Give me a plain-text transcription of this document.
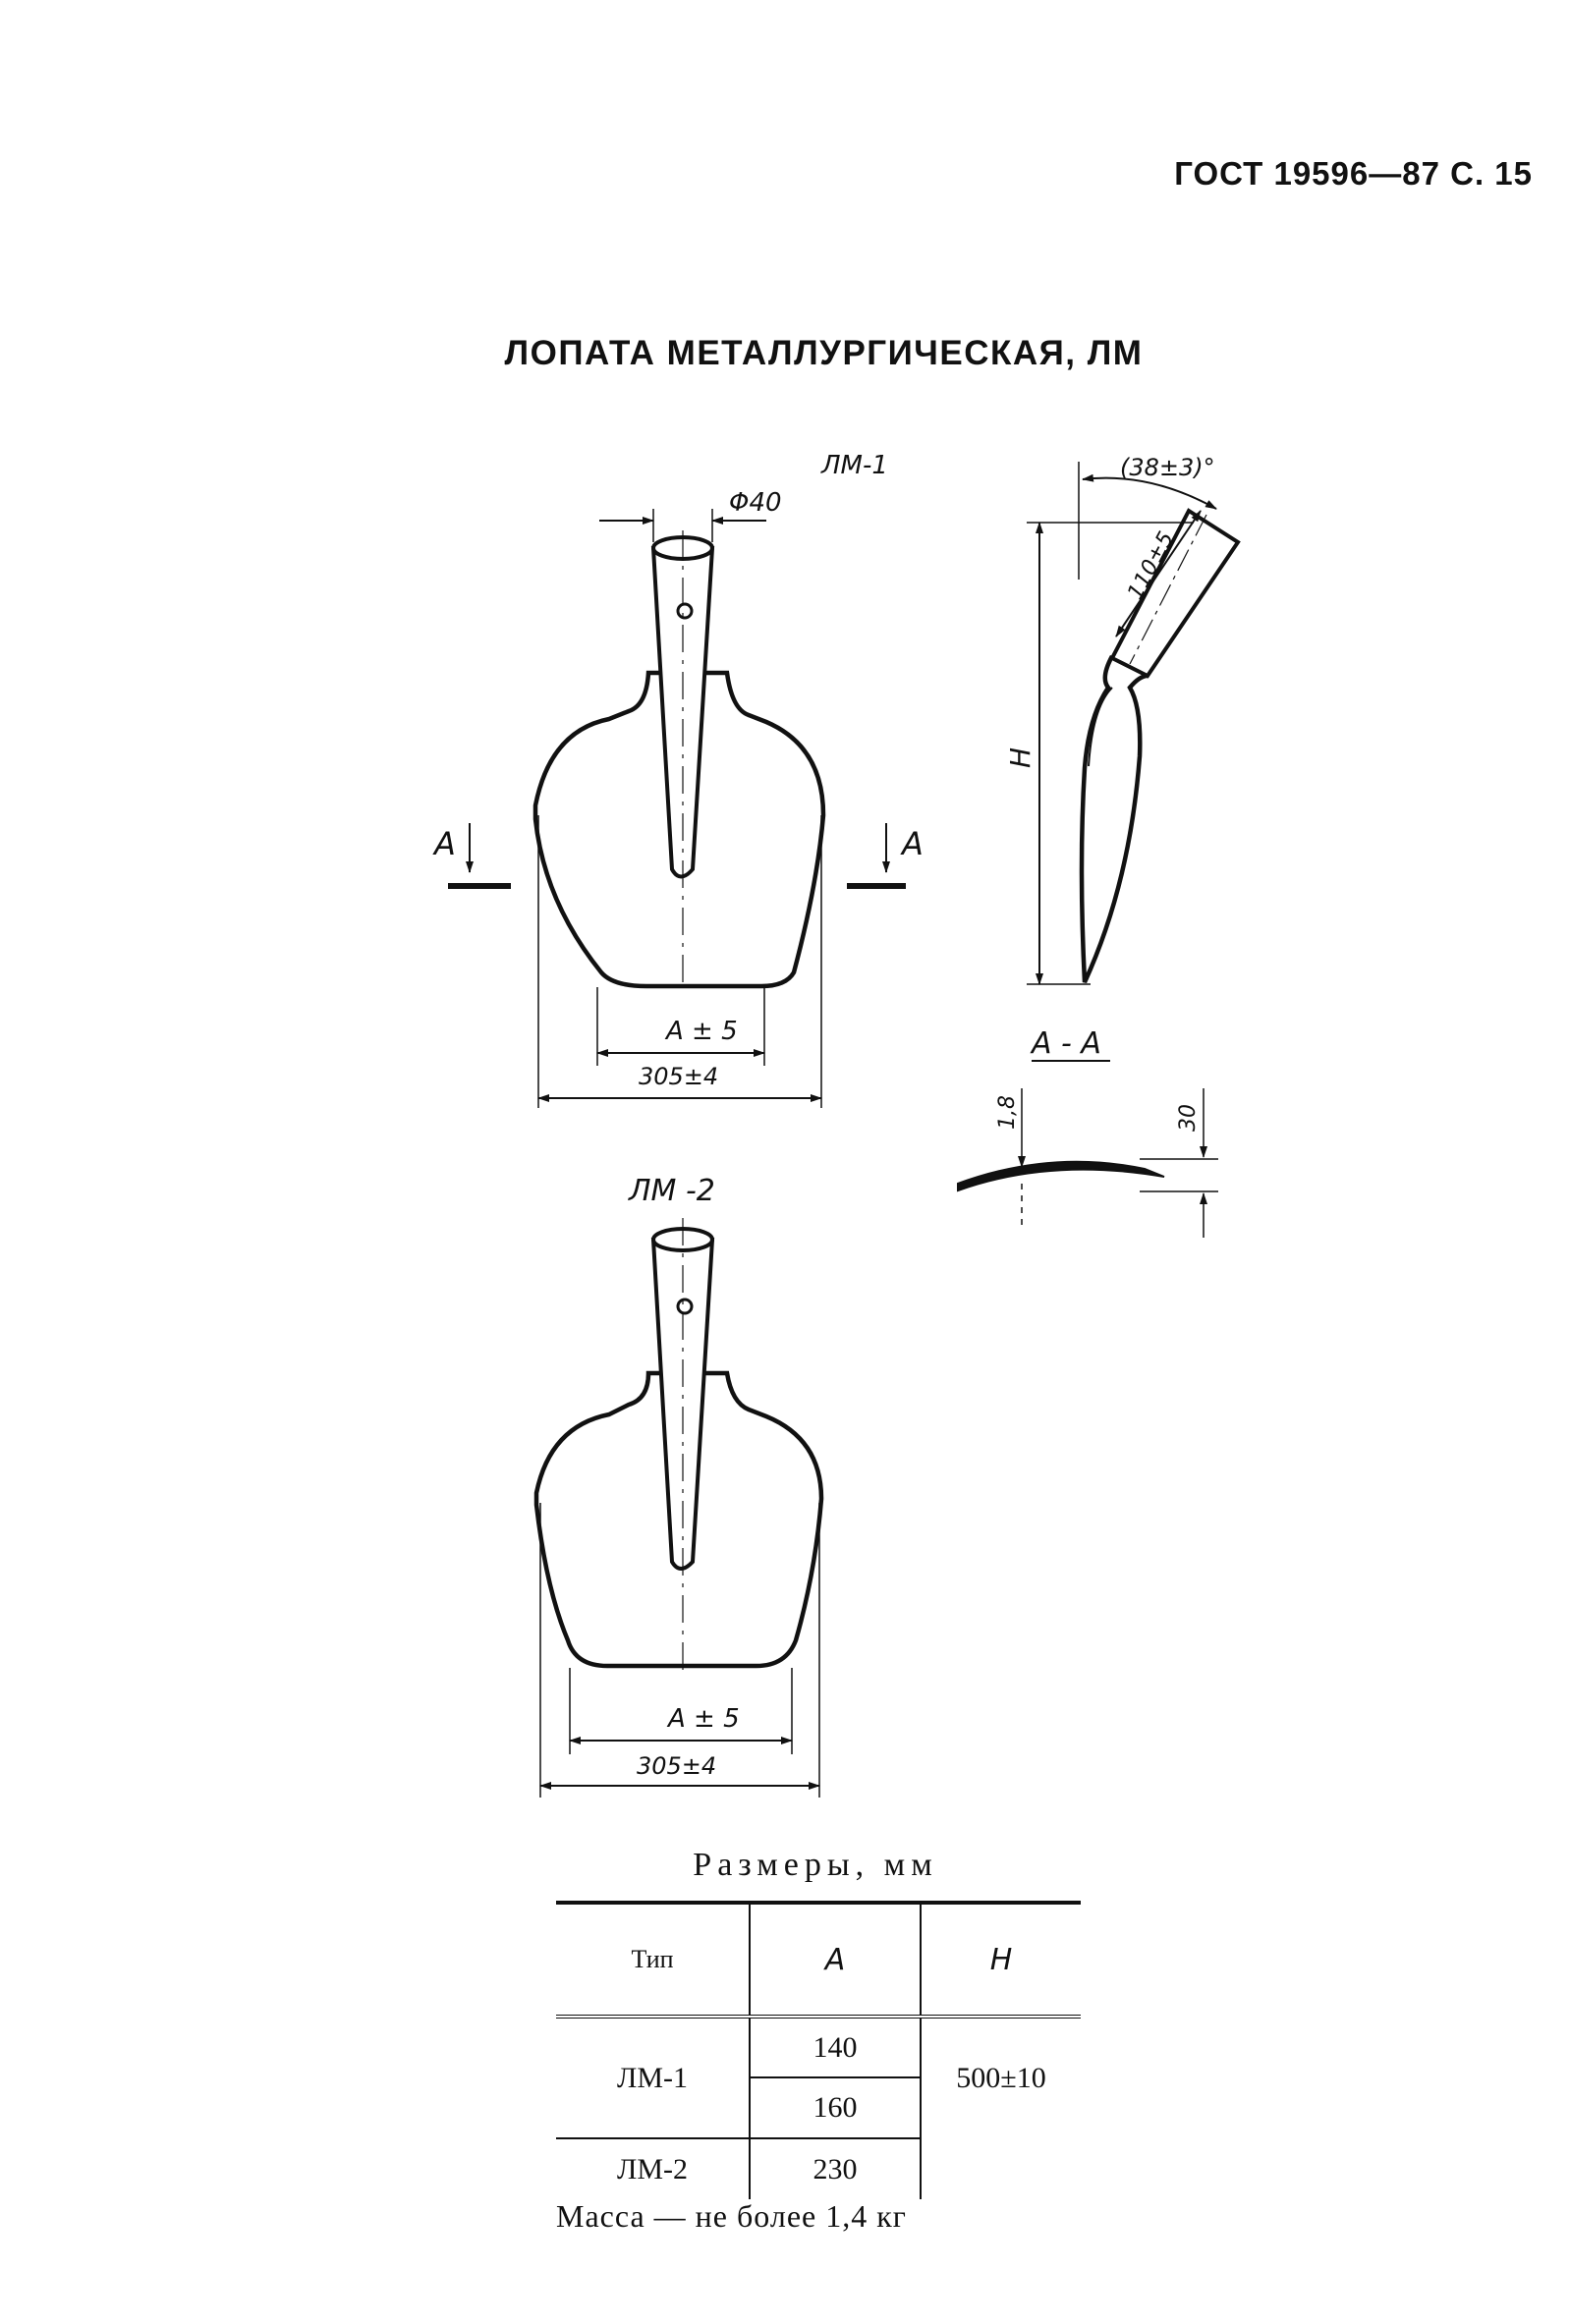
ГОСТ 19596—87 С. 15
ЛОПАТА МЕТАЛЛУРГИЧЕСКАЯ, ЛМ
ЛМ-1
Φ40
А	А
А ± 5
305±4
(38±3)°
110±5
Н
А - А
1,8	30
ЛМ -2
А ± 5
305±4
Размеры, мм
Тип	А	Н
ЛМ-1	140	500±10
	160	
ЛМ-2	230	
Масса — не более 1,4 кг
